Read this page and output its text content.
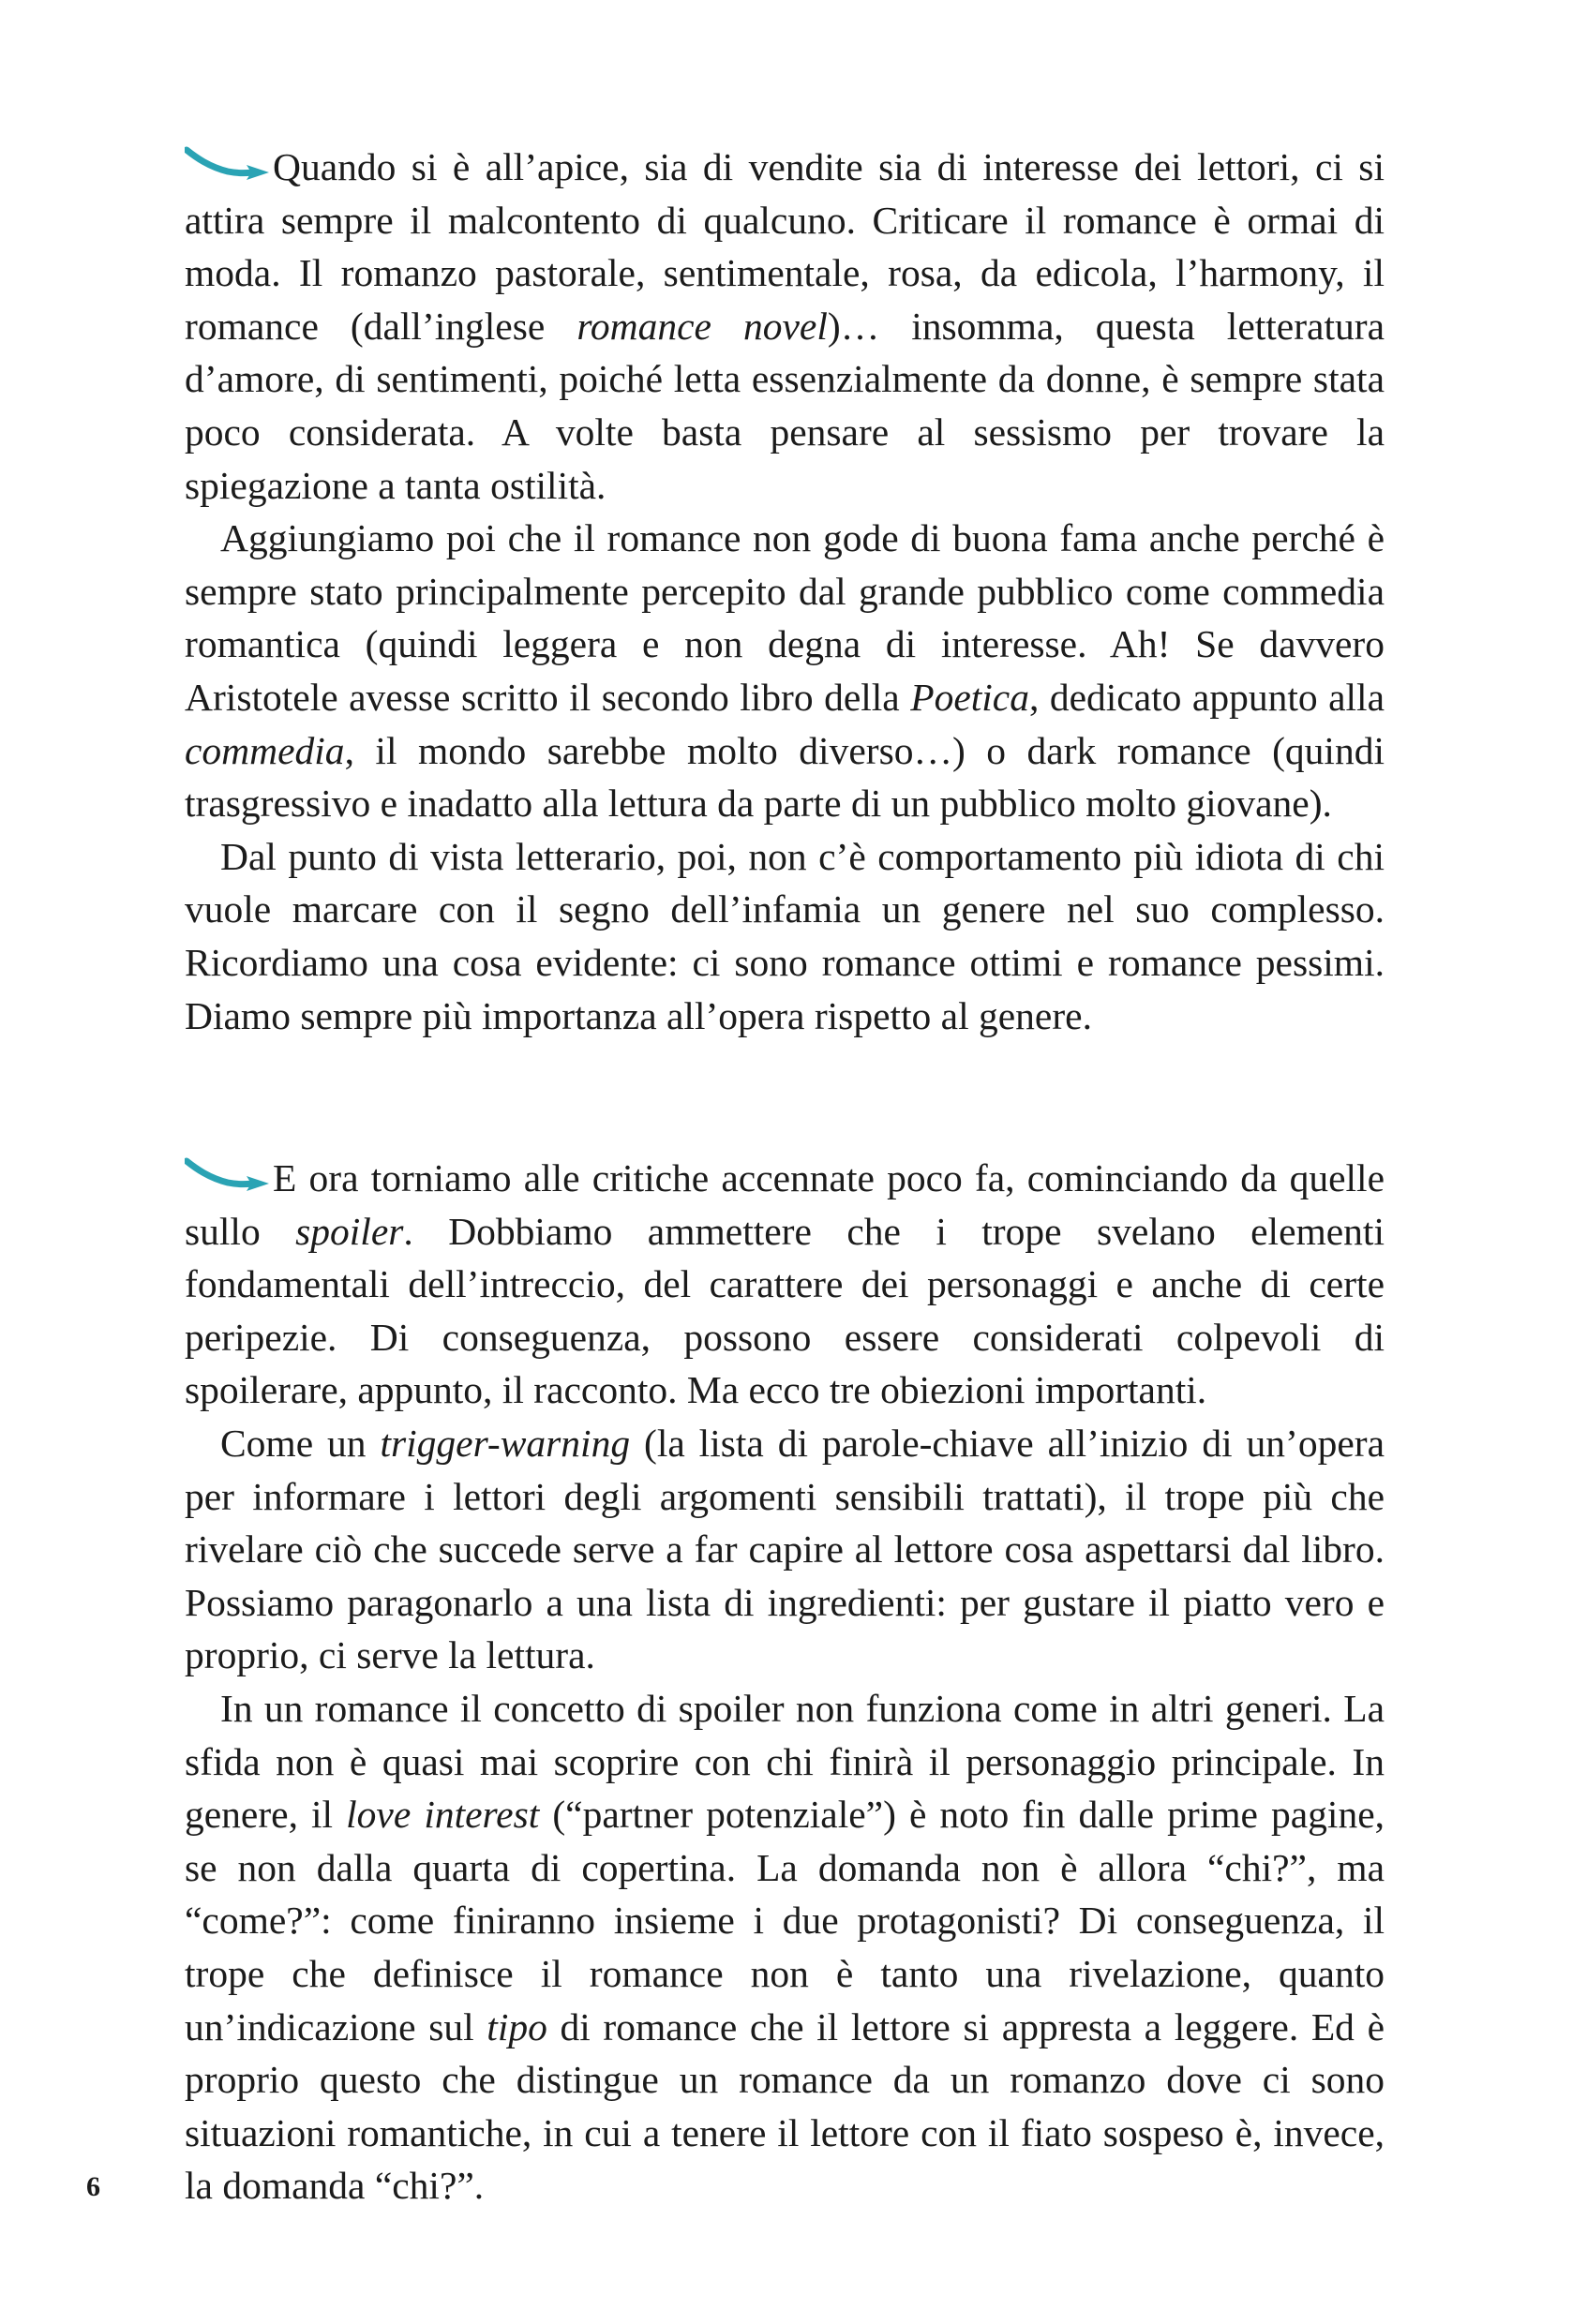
Quando si è all’apice, sia di vendite sia di interesse dei lettori, ci si attira sempre il malcontento di qualcuno. Criticare il romance è ormai di moda. Il romanzo pastorale, sentimentale, rosa, da edicola, l’harmony, il romance (dall’inglese romance novel)… insomma, questa letteratura d’amore, di sentimenti, poiché letta essenzialmente da donne, è sempre stata poco considerata. A volte basta pensare al sessismo per trovare la spiegazione a tanta ostilità.

Aggiungiamo poi che il romance non gode di buona fama anche perché è sempre stato principalmente percepito dal grande pubblico come commedia romantica (quindi leggera e non degna di interesse. Ah! Se davvero Aristotele avesse scritto il secondo libro della Poetica, dedicato appunto alla commedia, il mondo sarebbe molto diverso…) o dark romance (quindi trasgressivo e inadatto alla lettura da parte di un pubblico molto giovane).

Dal punto di vista letterario, poi, non c’è comportamento più idiota di chi vuole marcare con il segno dell’infamia un genere nel suo complesso. Ricordiamo una cosa evidente: ci sono romance ottimi e romance pessimi. Diamo sempre più importanza all’opera rispetto al genere.

E ora torniamo alle critiche accennate poco fa, cominciando da quelle sullo spoiler. Dobbiamo ammettere che i trope svelano elementi fondamentali dell’intreccio, del carattere dei personaggi e anche di certe peripezie. Di conseguenza, possono essere considerati colpevoli di spoilerare, appunto, il racconto. Ma ecco tre obiezioni importanti.

Come un trigger-warning (la lista di parole-chiave all’inizio di un’opera per informare i lettori degli argomenti sensibili trattati), il trope più che rivelare ciò che succede serve a far capire al lettore cosa aspettarsi dal libro. Possiamo paragonarlo a una lista di ingredienti: per gustare il piatto vero e proprio, ci serve la lettura.

In un romance il concetto di spoiler non funziona come in altri generi. La sfida non è quasi mai scoprire con chi finirà il personaggio principale. In genere, il love interest (“partner potenziale”) è noto fin dalle prime pagine, se non dalla quarta di copertina. La domanda non è allora “chi?”, ma “come?”: come finiranno insieme i due protagonisti? Di conseguenza, il trope che definisce il romance non è tanto una rivelazione, quanto un’indicazione sul tipo di romance che il lettore si appresta a leggere. Ed è proprio questo che distingue un romance da un romanzo dove ci sono situazioni romantiche, in cui a tenere il lettore con il fiato sospeso è, invece, la domanda “chi?”.

6
